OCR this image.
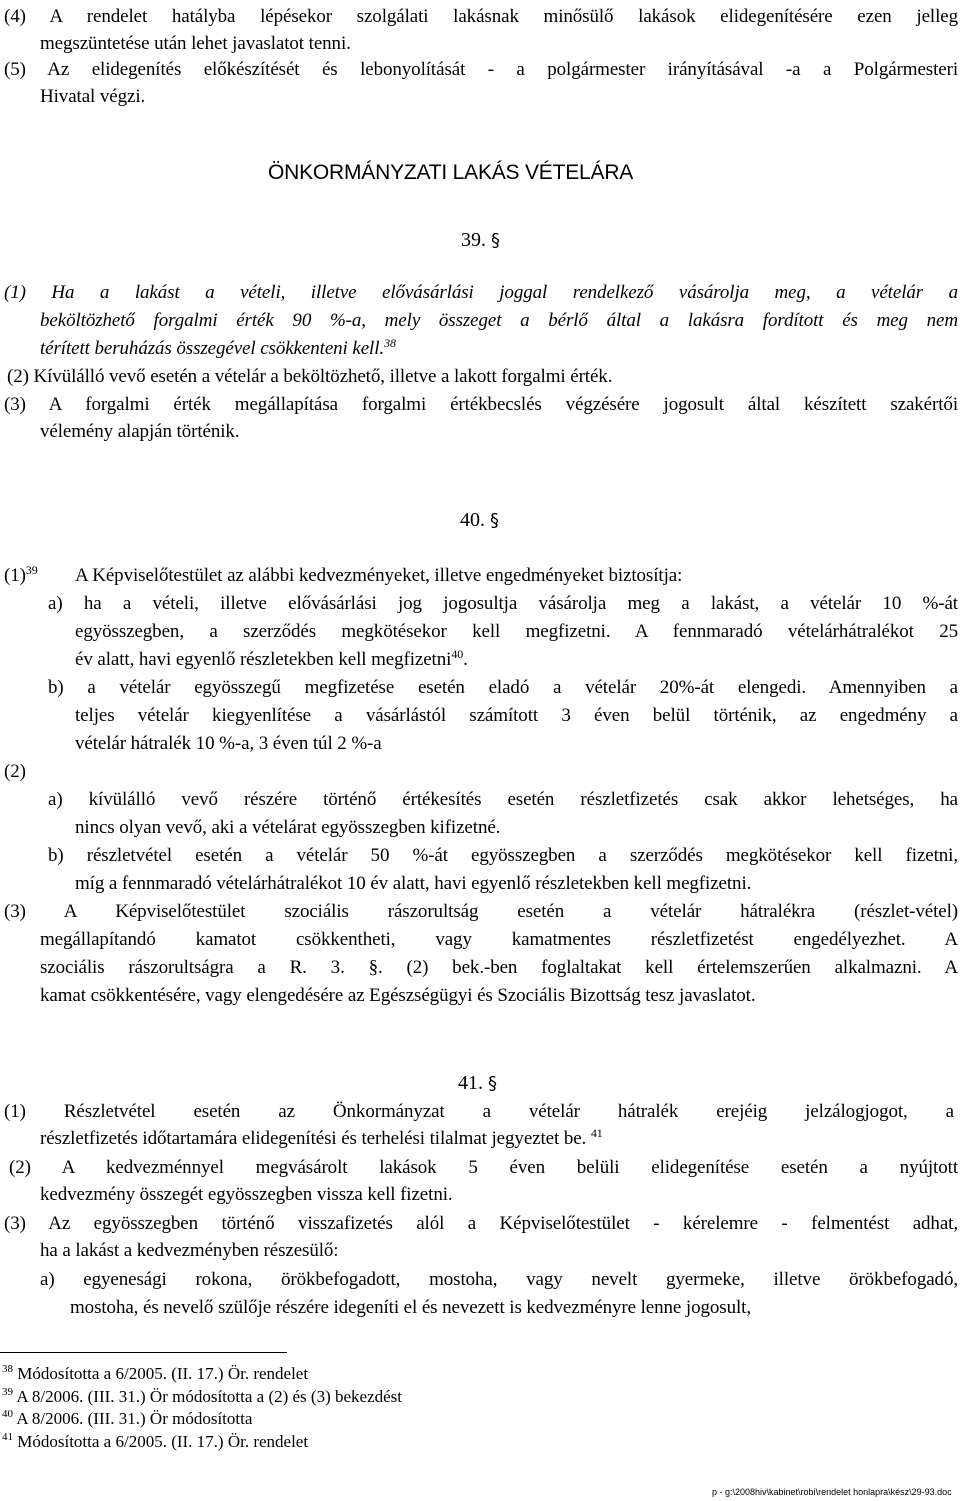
(4) A rendelet hatályba lépésekor szolgálati lakásnak minősülő lakások elidegenítésére ezen jelleg
megszüntetése után lehet javaslatot tenni.
(5) Az elidegenítés előkészítését és lebonyolítását - a polgármester irányításával -a a Polgármesteri
Hivatal végzi.
ÖNKORMÁNYZATI LAKÁS VÉTELÁRA
39. §
(1) Ha a lakást a vételi, illetve elővásárlási joggal rendelkező vásárolja meg, a vételár a
beköltözhető forgalmi érték 90 %-a, mely összeget a bérlő által a lakásra fordított és meg nem
térített beruházás összegével csökkenteni kell.$^{38}$
(2) Kívülálló vevő esetén a vételár a beköltözhető, illetve a lakott forgalmi érték.
(3) A forgalmi érték megállapítása forgalmi értékbecslés végzésére jogosult által készített szakértői
vélemény alapján történik.
40. §
$(1)^{39}$	A Képviselőtestület az alábbi kedvezményeket, illetve engedményeket biztosítja:
a) ha a vételi, illetve elővásárlási jog jogosultja vásárolja meg a lakást, a vételár 10 %-át
egyösszegben, a szerződés megkötésekor kell megfizetni. A fennmaradó vételárhátralékot 25
év alatt, havi egyenlő részletekben kell megfizetni$^{40}$.
b) a vételár egyösszegű megfizetése esetén eladó a vételár 20%-át elengedi. Amennyiben a
teljes vételár kiegyenlítése a vásárlástól számított 3 éven belül történik, az engedmény a
vételár hátralék 10 %-a, 3 éven túl 2 %-a
(2)
a) kívülálló vevő részére történő értékesítés esetén részletfizetés csak akkor lehetséges, ha
nincs olyan vevő, aki a vételárat egyösszegben kifizetné.
b) részletvétel esetén a vételár 50 %-át egyösszegben a szerződés megkötésekor kell fizetni,
míg a fennmaradó vételárhátralékot 10 év alatt, havi egyenlő részletekben kell megfizetni.
(3) A Képviselőtestület szociális rászorultság esetén a vételár hátralékra (részlet-vétel)
megállapítandó kamatot csökkentheti, vagy kamatmentes részletfizetést engedélyezhet. A
szociális rászorultságra a R. 3. §. (2) bek.-ben foglaltakat kell értelemszerűen alkalmazni. A
kamat csökkentésére, vagy elengedésére az Egészségügyi és Szociális Bizottság tesz javaslatot.
41. §
(1) Részletvétel esetén az Önkormányzat a vételár hátralék erejéig jelzálogjogot, a
részletfizetés időtartamára elidegenítési és terhelési tilalmat jegyeztet be. $^{41}$
(2) A kedvezménnyel megvásárolt lakások 5 éven belüli elidegenítése esetén a nyújtott
kedvezmény összegét egyösszegben vissza kell fizetni.
(3) Az egyösszegben történő visszafizetés alól a Képviselőtestület - kérelemre - felmentést adhat,
ha a lakást a kedvezményben részesülő:
a) egyenesági rokona, örökbefogadott, mostoha, vagy nevelt gyermeke, illetve örökbefogadó,
mostoha, és nevelő szülője részére idegeníti el és nevezett is kedvezményre lenne jogosult,
$^{38}$ Módosította a 6/2005. (II. 17.) Ör. rendelet
$^{39}$ A 8/2006. (III. 31.) Ör módosította a (2) és (3) bekezdést
$^{40}$ A 8/2006. (III. 31.) Ör módosította
$^{41}$ Módosította a 6/2005. (II. 17.) Ör. rendelet
p - g:\2008hiv\kabinet\robi\rendelet honlapra\kész\29-93.doc
